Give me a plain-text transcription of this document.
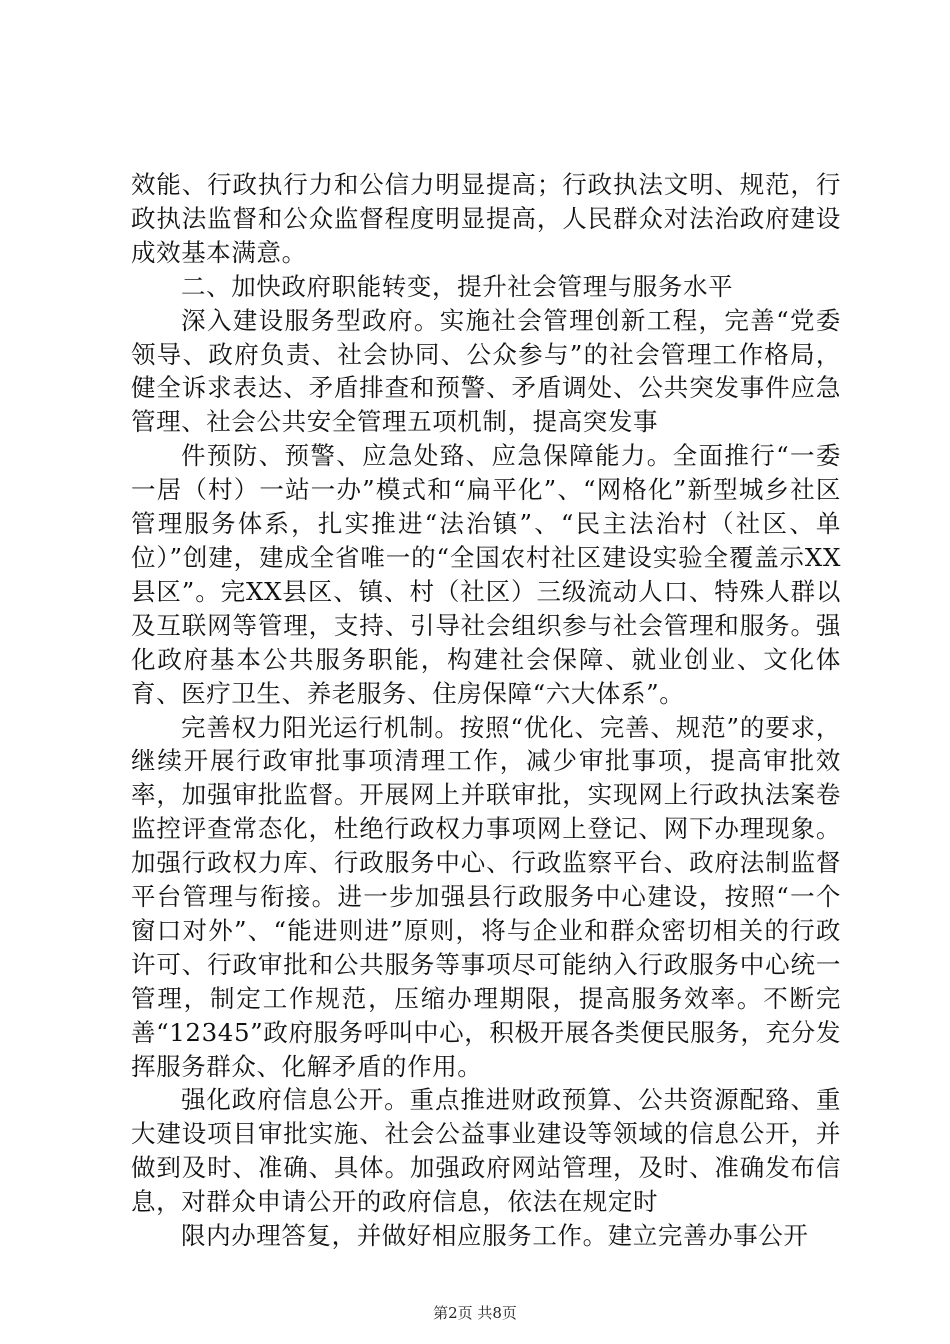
效能、行政执行力和公信力明显提高；行政执法文明、规范，行政执法监督和公众监督程度明显提高，人民群众对法治政府建设成效基本满意。

二、加快政府职能转变，提升社会管理与服务水平

深入建设服务型政府。实施社会管理创新工程，完善“党委领导、政府负责、社会协同、公众参与”的社会管理工作格局，健全诉求表达、矛盾排查和预警、矛盾调处、公共突发事件应急管理、社会公共安全管理五项机制，提高突发事

件预防、预警、应急处臵、应急保障能力。全面推行“一委一居（村）一站一办”模式和“扁平化”、“网格化”新型城乡社区管理服务体系，扎实推进“法治镇”、“民主法治村（社区、单位）”创建，建成全省唯一的“全国农村社区建设实验全覆盖示XX县区”。完XX县区、镇、村（社区）三级流动人口、特殊人群以及互联网等管理，支持、引导社会组织参与社会管理和服务。强化政府基本公共服务职能，构建社会保障、就业创业、文化体育、医疗卫生、养老服务、住房保障“六大体系”。

完善权力阳光运行机制。按照“优化、完善、规范”的要求，继续开展行政审批事项清理工作，减少审批事项，提高审批效率，加强审批监督。开展网上并联审批，实现网上行政执法案卷监控评查常态化，杜绝行政权力事项网上登记、网下办理现象。加强行政权力库、行政服务中心、行政监察平台、政府法制监督平台管理与衔接。进一步加强县行政服务中心建设，按照“一个窗口对外”、“能进则进”原则，将与企业和群众密切相关的行政许可、行政审批和公共服务等事项尽可能纳入行政服务中心统一管理，制定工作规范，压缩办理期限，提高服务效率。不断完善“12345”政府服务呼叫中心，积极开展各类便民服务，充分发挥服务群众、化解矛盾的作用。

强化政府信息公开。重点推进财政预算、公共资源配臵、重大建设项目审批实施、社会公益事业建设等领域的信息公开，并做到及时、准确、具体。加强政府网站管理，及时、准确发布信息，对群众申请公开的政府信息，依法在规定时

限内办理答复，并做好相应服务工作。建立完善办事公开

第2页 共8页
